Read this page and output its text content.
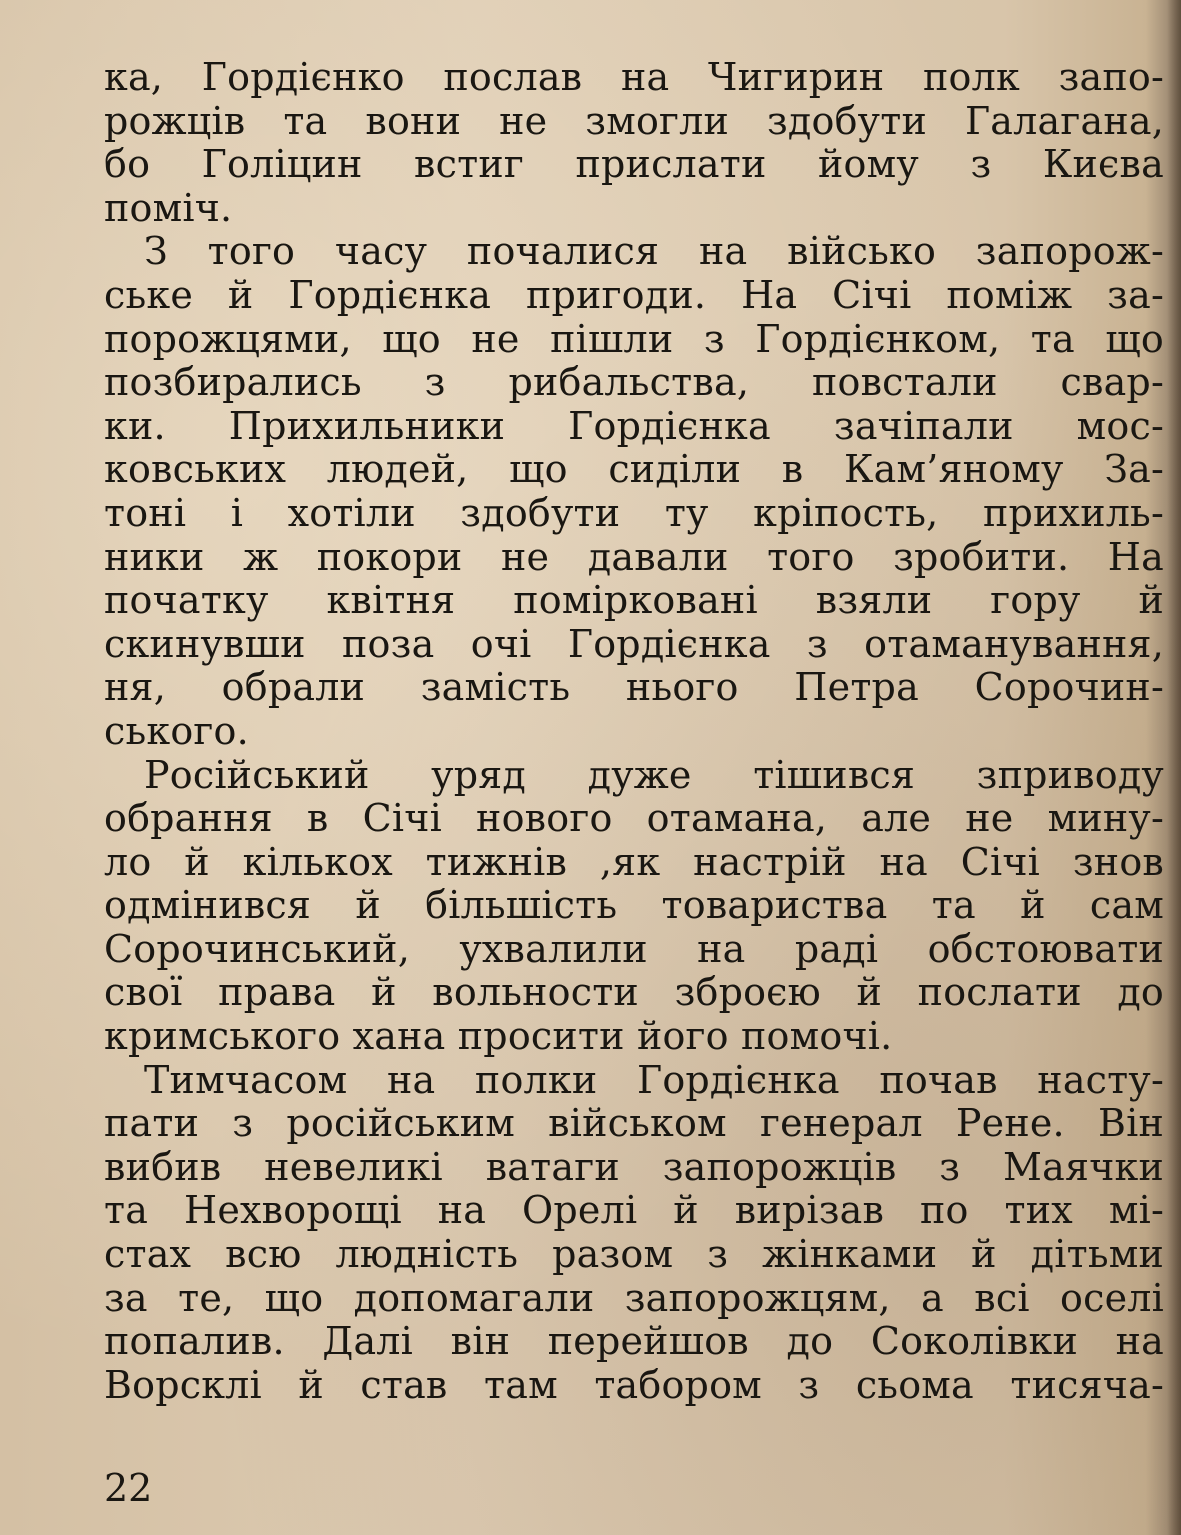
ка, Гордієнко послав на Чигирин полк запо-
рожців та вони не змогли здобути Галагана,
бо Голіцин встиг прислати йому з Києва
поміч.
З того часу почалися на військо запорож-
ське й Гордієнка пригоди. На Січі поміж за-
порожцями, що не пішли з Гордієнком, та що
позбирались з рибальства, повстали свар-
ки. Прихильники Гордієнка зачіпали мос-
ковських людей, що сиділи в Кам’яному За-
тоні і хотіли здобути ту кріпость, прихиль-
ники ж покори не давали того зробити. На
початку квітня помірковані взяли гору й
скинувши поза очі Гордієнка з отаманування,
ня, обрали замість нього Петра Сорочин-
ського.
Російський уряд дуже тішився зприводу
обрання в Січі нового отамана, але не мину-
ло й кількох тижнів ,як настрій на Січі знов
одмінився й більшість товариства та й сам
Сорочинський, ухвалили на раді обстоювати
свої права й вольности зброєю й послати до
кримського хана просити його помочі.
Тимчасом на полки Гордієнка почав насту-
пати з російським військом генерал Рене. Він
вибив невеликі ватаги запорожців з Маячки
та Нехворощі на Орелі й вирізав по тих мі-
стах всю людність разом з жінками й дітьми
за те, що допомагали запорожцям, а всі оселі
попалив. Далі він перейшов до Соколівки на
Ворсклі й став там табором з сьома тисяча-
22
